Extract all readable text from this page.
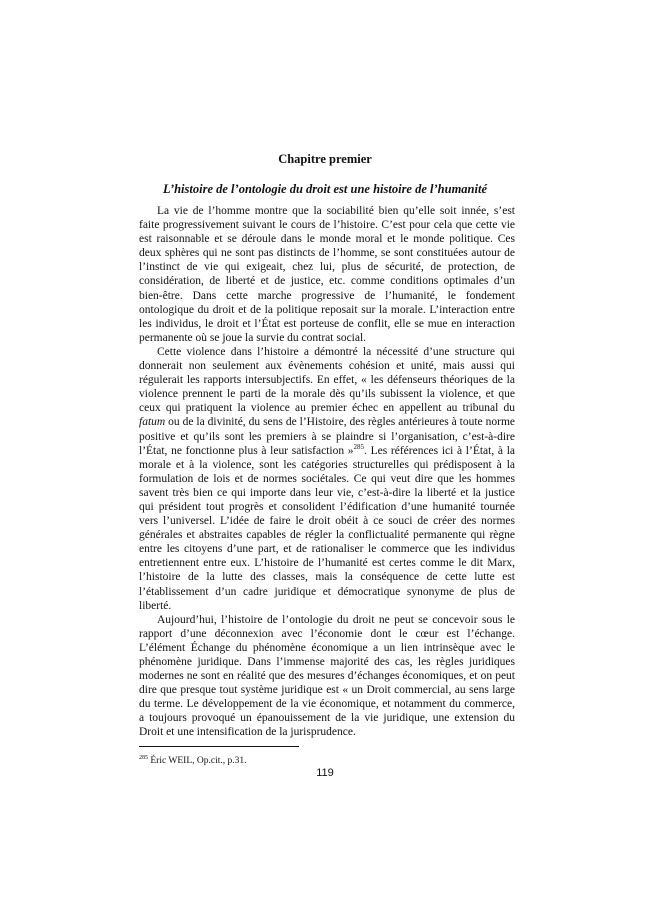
Chapitre premier
L’histoire de l’ontologie du droit est une histoire de l’humanité

La vie de l’homme montre que la sociabilité bien qu’elle soit innée, s’est faite progressivement suivant le cours de l’histoire. C’est pour cela que cette vie est raisonnable et se déroule dans le monde moral et le monde politique. Ces deux sphères qui ne sont pas distincts de l’homme, se sont constituées autour de l’instinct de vie qui exigeait, chez lui, plus de sécurité, de protection, de considération, de liberté et de justice, etc. comme conditions optimales d’un bien-être. Dans cette marche progressive de l’humanité, le fondement ontologique du droit et de la politique reposait sur la morale. L’interaction entre les individus, le droit et l’État est porteuse de conflit, elle se mue en interaction permanente où se joue la survie du contrat social.

Cette violence dans l’histoire a démontré la nécessité d’une structure qui donnerait non seulement aux évènements cohésion et unité, mais aussi qui régulerait les rapports intersubjectifs. En effet, « les défenseurs théoriques de la violence prennent le parti de la morale dès qu’ils subissent la violence, et que ceux qui pratiquent la violence au premier échec en appellent au tribunal du fatum ou de la divinité, du sens de l’Histoire, des règles antérieures à toute norme positive et qu’ils sont les premiers à se plaindre si l’organisation, c’est-à-dire l’État, ne fonctionne plus à leur satisfaction »$^{285}$. Les références ici à l’État, à la morale et à la violence, sont les catégories structurelles qui prédisposent à la formulation de lois et de normes sociétales. Ce qui veut dire que les hommes savent très bien ce qui importe dans leur vie, c’est-à-dire la liberté et la justice qui président tout progrès et consolident l’édification d’une humanité tournée vers l’universel. L’idée de faire le droit obéit à ce souci de créer des normes générales et abstraites capables de régler la conflictualité permanente qui règne entre les citoyens d’une part, et de rationaliser le commerce que les individus entretiennent entre eux. L’histoire de l’humanité est certes comme le dit Marx, l’histoire de la lutte des classes, mais la conséquence de cette lutte est l’établissement d’un cadre juridique et démocratique synonyme de plus de liberté.

Aujourd’hui, l’histoire de l’ontologie du droit ne peut se concevoir sous le rapport d’une déconnexion avec l’économie dont le cœur est l’échange. L’élément Échange du phénomène économique a un lien intrinsèque avec le phénomène juridique. Dans l’immense majorité des cas, les règles juridiques modernes ne sont en réalité que des mesures d’échanges économiques, et on peut dire que presque tout système juridique est « un Droit commercial, au sens large du terme. Le développement de la vie économique, et notamment du commerce, a toujours provoqué un épanouissement de la vie juridique, une extension du Droit et une intensification de la jurisprudence.

$^{285}$ Éric WEIL, Op.cit., p.31.
119
